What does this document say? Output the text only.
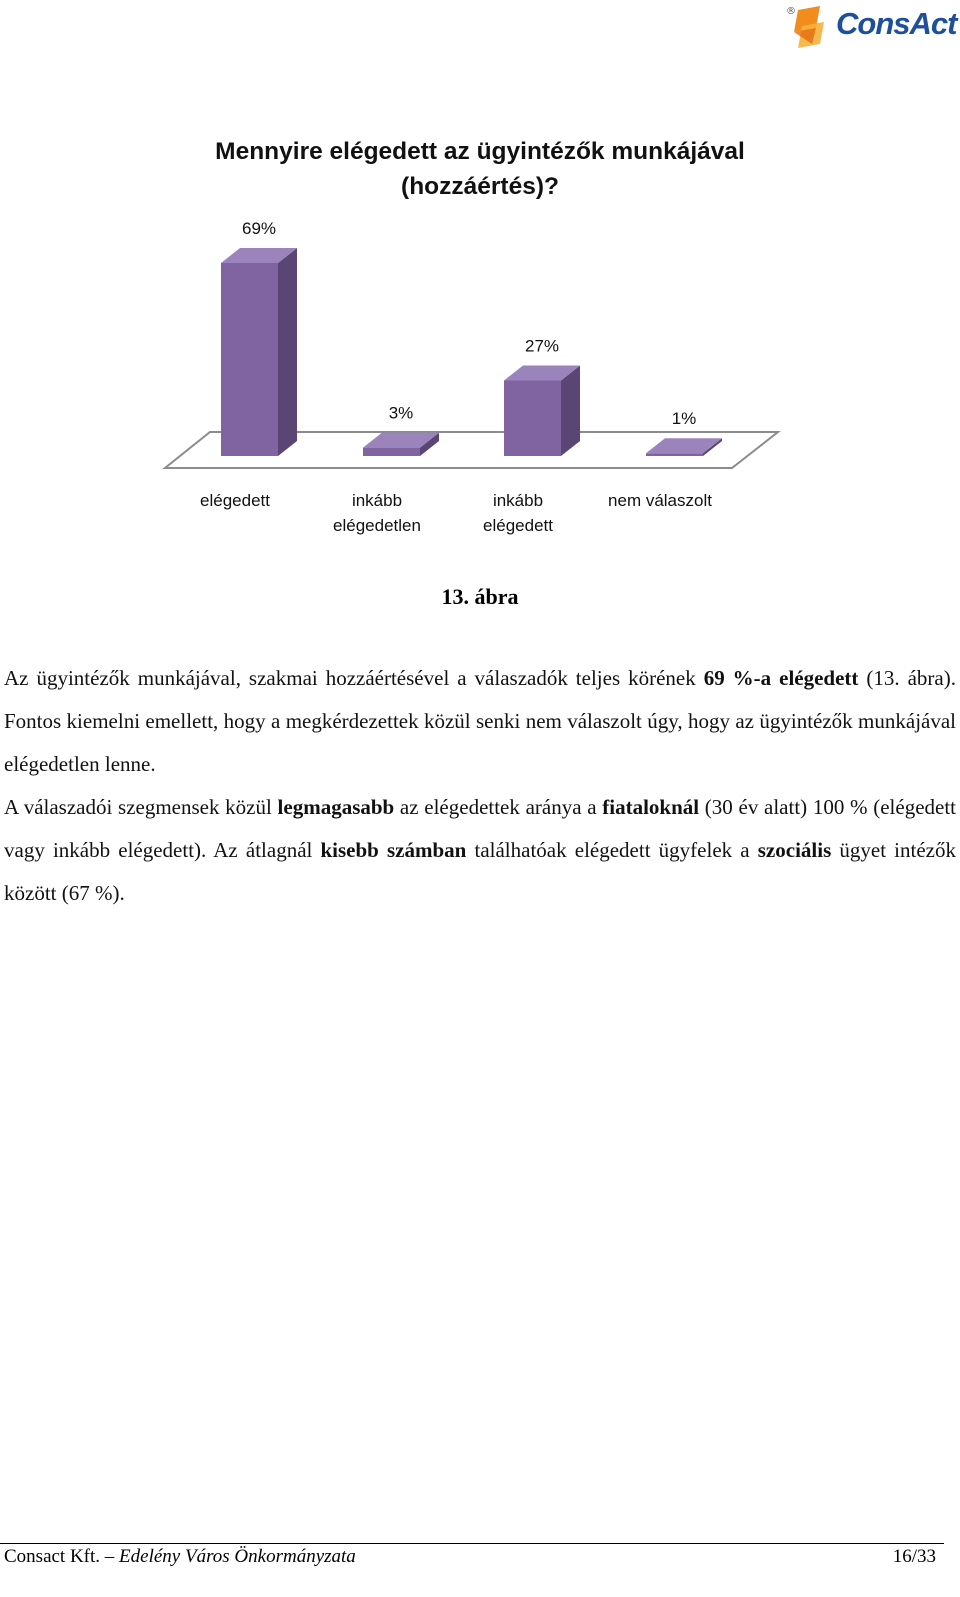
® ConsAct
Mennyire elégedett az ügyintézők munkájával
(hozzáértés)?
69%
3%
27%
1%
elégedett	inkább
elégedetlen
inkább
elégedett
nem válaszolt
13. ábra

Az ügyintézők munkájával, szakmai hozzáértésével a válaszadók teljes körének 69 %-a elégedett (13. ábra). Fontos kiemelni emellett, hogy a megkérdezettek közül senki nem válaszolt úgy, hogy az ügyintézők munkájával elégedetlen lenne.

A válaszadói szegmensek közül legmagasabb az elégedettek aránya a fiataloknál (30 év alatt) 100 % (elégedett vagy inkább elégedett). Az átlagnál kisebb számban találhatóak elégedett ügyfelek a szociális ügyet intézők között (67 %).

Consact Kft. – Edelény Város Önkormányzata	16/33
